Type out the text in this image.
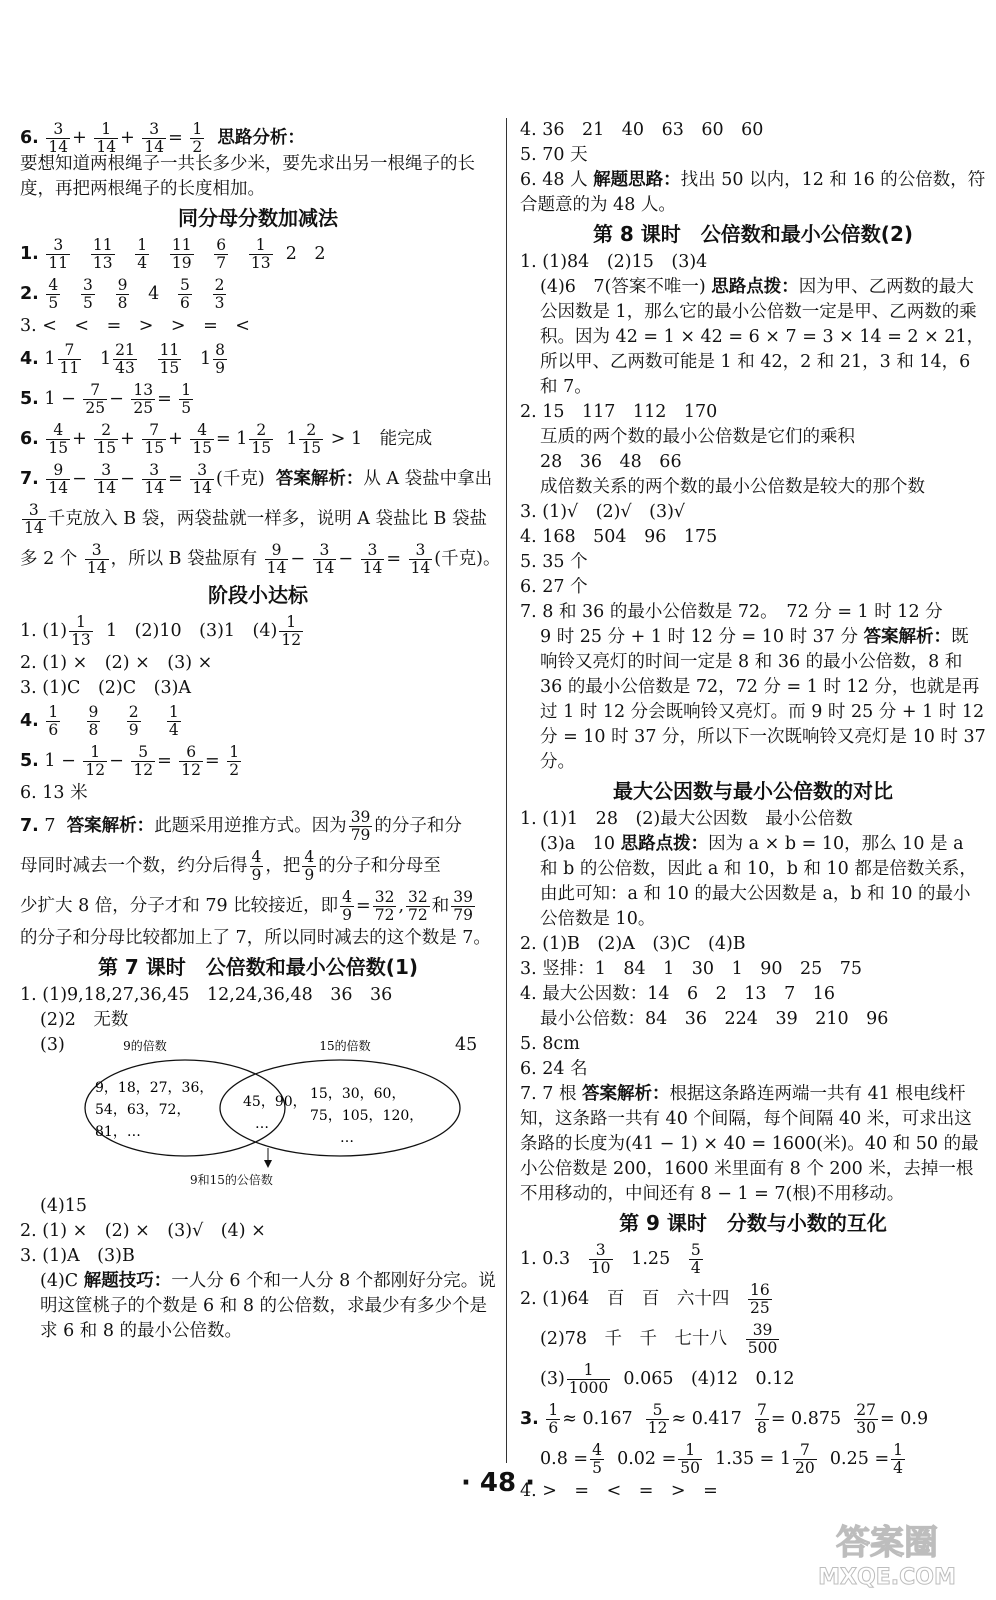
6. $\frac{3}{14} + \frac{1}{14} + \frac{3}{14} = \frac{1}{2}$ 思路分析：
要想知道两根绳子一共长多少米，要先求出另一根绳子的长度，再把两根绳子的长度相加。
同分母分数加减法
1. $\frac{3}{11}$
$\frac{11}{13}$
$\frac{1}{4}$
$\frac{11}{19}$
$\frac{6}{7}$
$\frac{1}{13} 2$　2
2. $\frac{4}{5}$
$\frac{3}{5}$
$\frac{9}{8} 4 \frac{5}{6}$
$\frac{2}{3}$
3. <　<　=　>　>　=　<
4. $1 \frac{7}{11} 1 \frac{21}{43}$
$\frac{11}{15} 1 \frac{8}{9}$
5. $1 - \frac{7}{25} - \frac{13}{25} = \frac{1}{5}$
6. $\frac{4}{15} + \frac{2}{15} + \frac{7}{15} + \frac{4}{15} = 1 \frac{2}{15} 1 \frac{2}{15} > 1$　能完成
7. $\frac{9}{14} - \frac{3}{14} - \frac{3}{14} = \frac{3}{14}$ (千克) 答案解析：从 A 袋盐中拿出
$\frac{3}{14}$ 千克放入 B 袋，两袋盐就一样多，说明 A 袋盐比 B 袋盐
多 2 个 $\frac{3}{14}$ ，所以 B 袋盐原有 $\frac{9}{14} - \frac{3}{14} - \frac{3}{14} = \frac{3}{14}$ (千克)。
阶段小达标
1. $(1) \frac{1}{13} 1$　(2)10　(3)1　$(4) \frac{1}{12}$
2. (1) ×　(2) ×　(3) ×
3. (1)C　(2)C　(3)A
4. $\frac{1}{6}$
$\frac{9}{8}$
$\frac{2}{9}$
$\frac{1}{4}$
5. $1 - \frac{1}{12} - \frac{5}{12} = \frac{6}{12} = \frac{1}{2}$
6. 13 米
7. 7 答案解析：此题采用逆推方式。因为 $\frac{39}{79}$ 的分子和分
母同时减去一个数，约分后得 $\frac{4}{9}$ ，把 $\frac{4}{9}$ 的分子和分母至
少扩大 8 倍，分子才和 79 比较接近，即 $\frac{4}{9} = \frac{32}{72}$ , $\frac{32}{72}$ 和 $\frac{39}{79}$
的分子和分母比较都加上了 7，所以同时减去的这个数是 7。
第 7 课时　公倍数和最小公倍数(1)
1. (1)9,18,27,36,45　12,24,36,48　36　36
(2)2　无数
(3)	45
9的倍数	15的倍数
9，18，27，36，
54，63，72，
81，…
45，90，
…
15，30，60，
75，105，120，
…
9和15的公倍数
(4)15
2. (1) ×　(2) ×　(3)√　(4) ×
3. (1)A　(3)B
(4)C 解题技巧：一人分 6 个和一人分 8 个都刚好分完。说明这筐桃子的个数是 6 和 8 的公倍数，求最少有多少个是求 6 和 8 的最小公倍数。
4. 36　21　40　63　60　60
5. 70 天
6. 48 人 解题思路：找出 50 以内，12 和 16 的公倍数，符合题意的为 48 人。
第 8 课时　公倍数和最小公倍数(2)
1. (1)84　(2)15　(3)4
(4)6　7(答案不唯一) 思路点拨：因为甲、乙两数的最大公因数是 1，那么它的最小公倍数一定是甲、乙两数的乘积。因为 42 = 1 × 42 = 6 × 7 = 3 × 14 = 2 × 21，所以甲、乙两数可能是 1 和 42，2 和 21，3 和 14，6 和 7。
2. 15　117　112　170
互质的两个数的最小公倍数是它们的乘积
28　36　48　66
成倍数关系的两个数的最小公倍数是较大的那个数
3. (1)√　(2)√　(3)√
4. 168　504　96　175
5. 35 个
6. 27 个
7. 8 和 36 的最小公倍数是 72。　72 分 = 1 时 12 分
9 时 25 分 + 1 时 12 分 = 10 时 37 分 答案解析：既响铃又亮灯的时间一定是 8 和 36 的最小公倍数，8 和 36 的最小公倍数是 72，72 分 = 1 时 12 分，也就是再过 1 时 12 分会既响铃又亮灯。而 9 时 25 分 + 1 时 12 分 = 10 时 37 分，所以下一次既响铃又亮灯是 10 时 37 分。
最大公因数与最小公倍数的对比
1. (1)1　28　(2)最大公因数　最小公倍数
(3)a　10 思路点拨：因为 a × b = 10，那么 10 是 a 和 b 的公倍数，因此 a 和 10，b 和 10 都是倍数关系，由此可知：a 和 10 的最大公因数是 a，b 和 10 的最小公倍数是 10。
2. (1)B　(2)A　(3)C　(4)B
3. 竖排：1　84　1　30　1　90　25　75
4. 最大公因数：14　6　2　13　7　16
最小公倍数：84　36　224　39　210　96
5. 8cm
6. 24 名
7. 7 根 答案解析：根据这条路连两端一共有 41 根电线杆知，这条路一共有 40 个间隔，每个间隔 40 米，可求出这条路的长度为(41 − 1) × 40 = 1600(米)。40 和 50 的最小公倍数是 200，1600 米里面有 8 个 200 米，去掉一根不用移动的，中间还有 8 − 1 = 7(根)不用移动。
第 9 课时　分数与小数的互化
1. $0.3 \frac{3}{10} 1.25 \frac{5}{4}$
2. (1)64　百　百　六十四 $\frac{16}{25}$
(2)78　千　千　七十八 $\frac{39}{500}$
$(3) \frac{1}{1000} 0.065$　(4)12　0.12
3. $\frac{1}{6} \approx 0.167 \frac{5}{12} \approx 0.417 \frac{7}{8} = 0.875 \frac{27}{30} = 0.9$
$0.8 = \frac{4}{5} 0.02 = \frac{1}{50} 1.35 = 1 \frac{7}{20} 0.25 = \frac{1}{4}$
4. >　=　<　=　>　=
· 48 ·
答案圈
MXQE.COM
